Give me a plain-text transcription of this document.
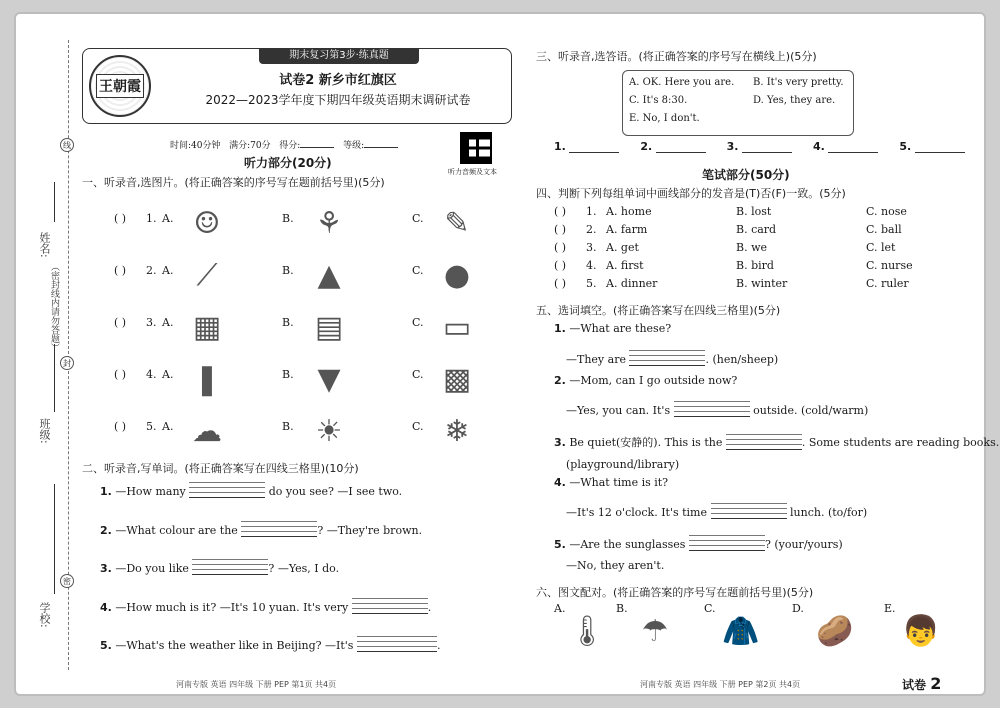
姓名:
（密封线内请勿答题）
班级:
学校:
线
封
密
期末复习第3步·练真题
王朝霞	试卷2 新乡市红旗区
2022—2023学年度下期四年级英语期末调研试卷
时间:40分钟 满分:70分 得分:	等级:
听力音频及文本
听力部分(20分)
一、听录音,选图片。(将正确答案的序号写在题前括号里)(5分)
( ) 1. A.	B.	C.
☺	⚘	✎
( ) 2. A.	B.	C.
⟋	▲	●
( ) 3. A.	B.	C.
▦	▤	▭
( ) 4. A.	B.	C.
❚	▼	▩
( ) 5. A.	B.	C.
☁	☀	❄
二、听录音,写单词。(将正确答案写在四线三格里)(10分)
1. —How many	do you see? —I see two.
2. —What colour are the	? —They're brown.
3. —Do you like	? —Yes, I do.
4. —How much is it? —It's 10 yuan. It's very	.
5. —What's the weather like in Beijing? —It's	.
河南专版 英语 四年级 下册 PEP 第1页 共4页
三、听录音,选答语。(将正确答案的序号写在横线上)(5分)
A. OK. Here you are. B. It's very pretty.
C. It's 8:30.	D. Yes, they are.
E. No, I don't.
1.	2.	3.	4.	5.
笔试部分(50分)
四、判断下列每组单词中画线部分的发音是(T)否(F)一致。(5分)
( ) 1. A. home	B. lost	C. nose
( ) 2. A. farm	B. card	C. ball
( ) 3. A. get	B. we	C. let
( ) 4. A. first	B. bird	C. nurse
( ) 5. A. dinner	B. winter	C. ruler
五、选词填空。(将正确答案写在四线三格里)(5分)
1. —What are these?
—They are	. (hen/sheep)
2. —Mom, can I go outside now?
—Yes, you can. It's	outside. (cold/warm)
3. Be quiet(安静的). This is the	. Some students are reading books.
(playground/library)
4. —What time is it?
—It's 12 o'clock. It's time	lunch. (to/for)
5. —Are the sunglasses	? (your/yours)
—No, they aren't.
六、图文配对。(将正确答案的序号写在题前括号里)(5分)
A.
🌡
B.
☂
C.
🧥
D.
🥔
E.
👦
河南专版 英语 四年级 下册 PEP 第2页 共4页	试卷 2
